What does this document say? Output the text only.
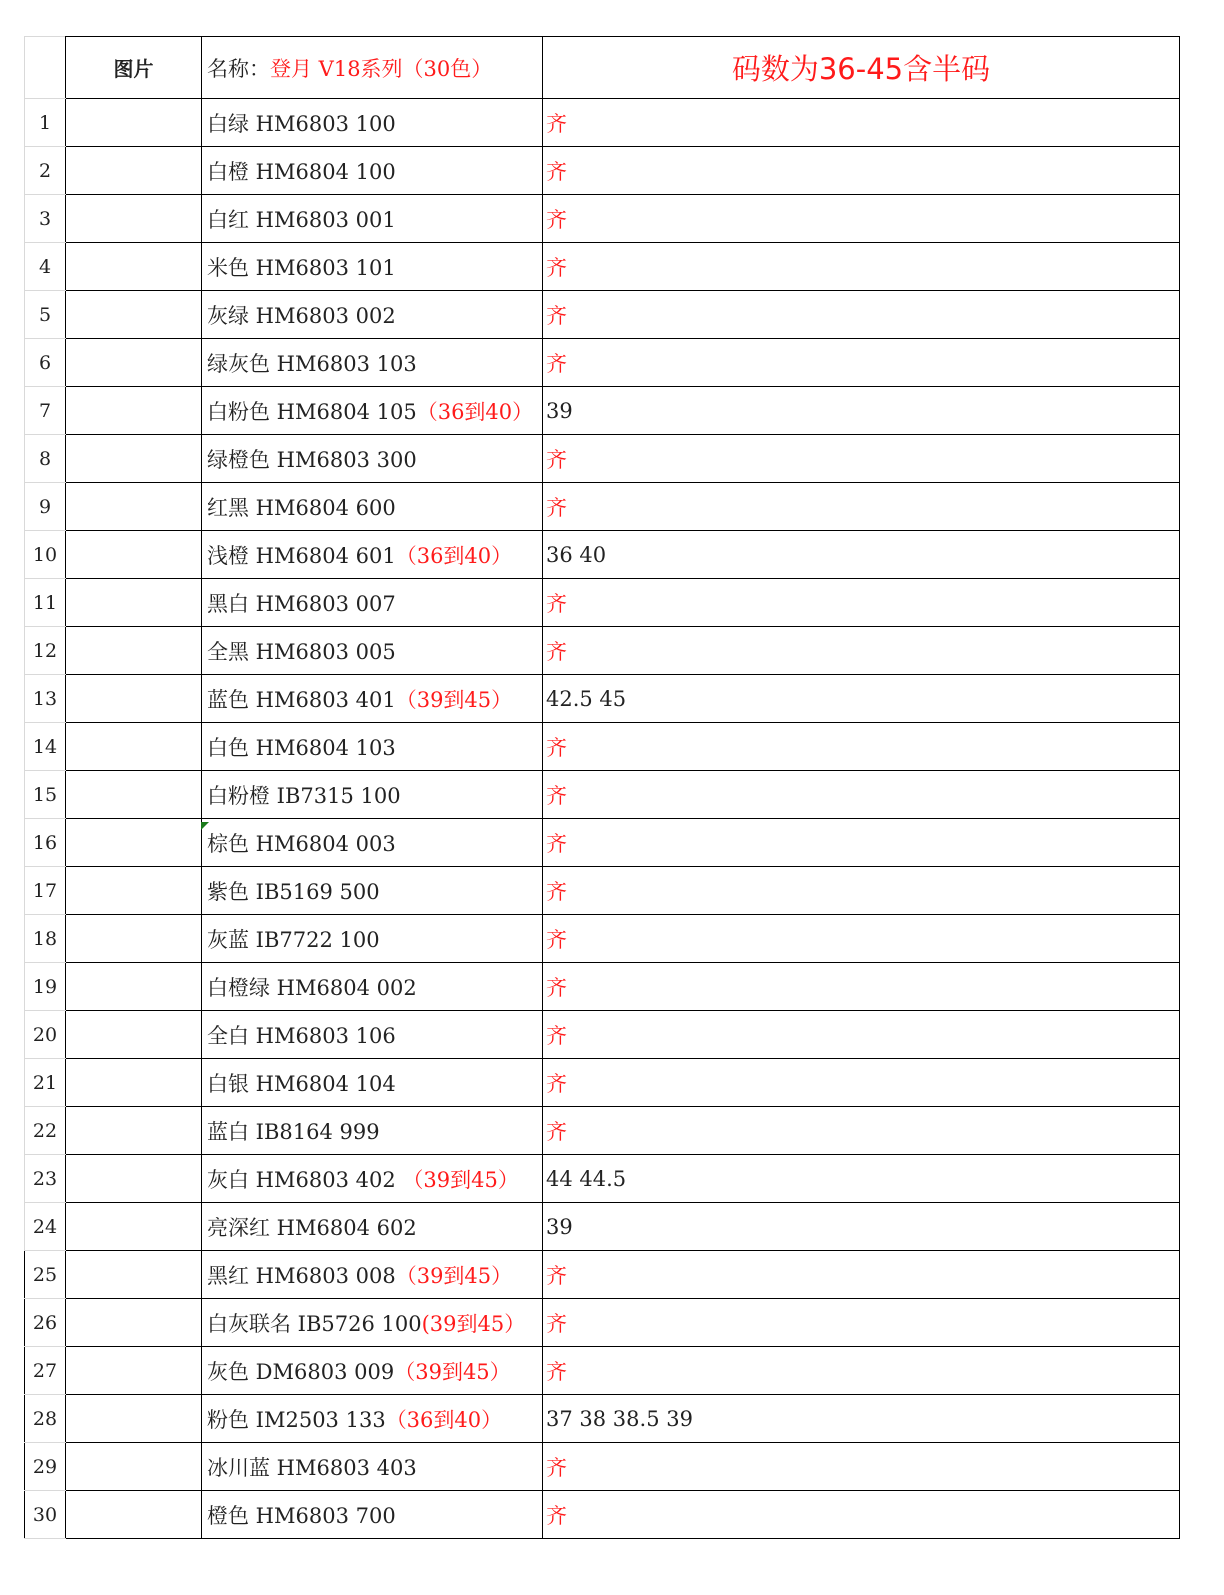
	图片	名称：登月 V18系列（30色）	码数为36-45含半码
1		白绿 HM6803 100	齐
2		白橙 HM6804 100	齐
3		白红 HM6803 001	齐
4		米色 HM6803 101	齐
5		灰绿 HM6803 002	齐
6		绿灰色 HM6803 103	齐
7		白粉色 HM6804 105（36到40）	39
8		绿橙色 HM6803 300	齐
9		红黑 HM6804 600	齐
10		浅橙 HM6804 601（36到40）	36 40
11		黑白 HM6803 007	齐
12		全黑 HM6803 005	齐
13		蓝色 HM6803 401（39到45）	42.5 45
14		白色 HM6804 103	齐
15		白粉橙 IB7315 100	齐
16		棕色 HM6804 003	齐
17		紫色 IB5169 500	齐
18		灰蓝 IB7722 100	齐
19		白橙绿 HM6804 002	齐
20		全白 HM6803 106	齐
21		白银 HM6804 104	齐
22		蓝白 IB8164 999	齐
23		灰白 HM6803 402 （39到45）	44 44.5
24		亮深红 HM6804 602	39
25		黑红 HM6803 008（39到45）	齐
26		白灰联名 IB5726 100(39到45）	齐
27		灰色 DM6803 009（39到45）	齐
28		粉色 IM2503 133（36到40）	37 38 38.5 39
29		冰川蓝 HM6803 403	齐
30		橙色 HM6803 700	齐
